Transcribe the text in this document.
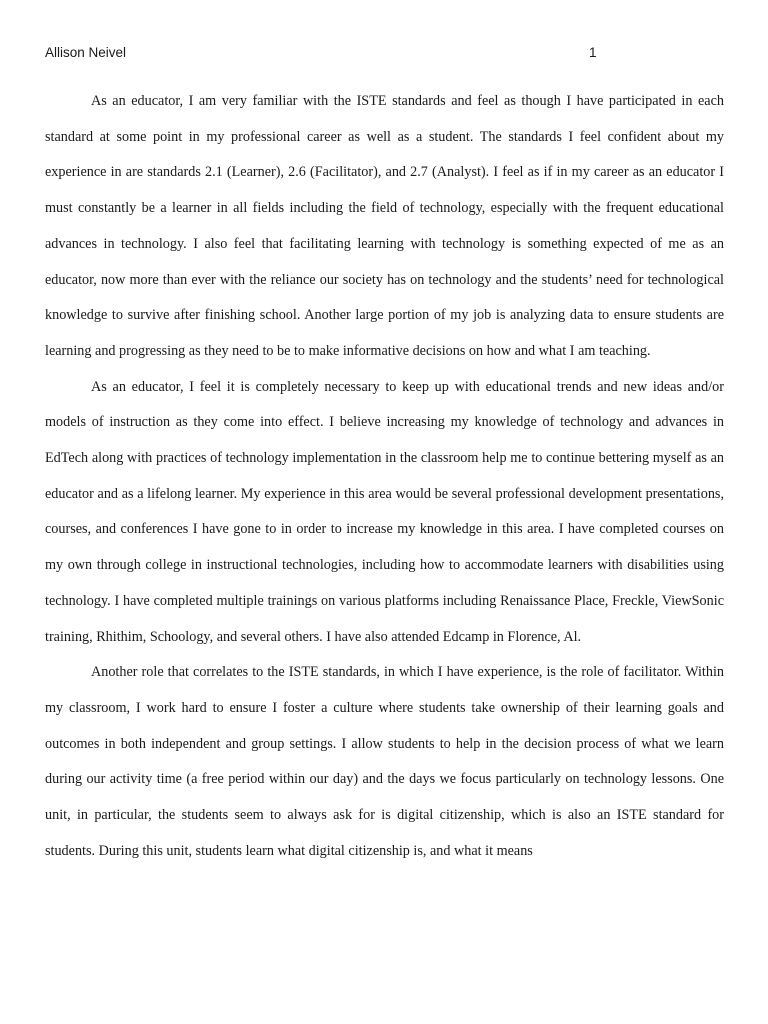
Allison Neivel	1

As an educator, I am very familiar with the ISTE standards and feel as though I have participated in each standard at some point in my professional career as well as a student. The standards I feel confident about my experience in are standards 2.1 (Learner), 2.6 (Facilitator), and 2.7 (Analyst). I feel as if in my career as an educator I must constantly be a learner in all fields including the field of technology, especially with the frequent educational advances in technology. I also feel that facilitating learning with technology is something expected of me as an educator, now more than ever with the reliance our society has on technology and the students’ need for technological knowledge to survive after finishing school. Another large portion of my job is analyzing data to ensure students are learning and progressing as they need to be to make informative decisions on how and what I am teaching.

As an educator, I feel it is completely necessary to keep up with educational trends and new ideas and/or models of instruction as they come into effect. I believe increasing my knowledge of technology and advances in EdTech along with practices of technology implementation in the classroom help me to continue bettering myself as an educator and as a lifelong learner. My experience in this area would be several professional development presentations, courses, and conferences I have gone to in order to increase my knowledge in this area. I have completed courses on my own through college in instructional technologies, including how to accommodate learners with disabilities using technology. I have completed multiple trainings on various platforms including Renaissance Place, Freckle, ViewSonic training, Rhithim, Schoology, and several others. I have also attended Edcamp in Florence, Al.

Another role that correlates to the ISTE standards, in which I have experience, is the role of facilitator. Within my classroom, I work hard to ensure I foster a culture where students take ownership of their learning goals and outcomes in both independent and group settings. I allow students to help in the decision process of what we learn during our activity time (a free period within our day) and the days we focus particularly on technology lessons. One unit, in particular, the students seem to always ask for is digital citizenship, which is also an ISTE standard for students. During this unit, students learn what digital citizenship is, and what it means
